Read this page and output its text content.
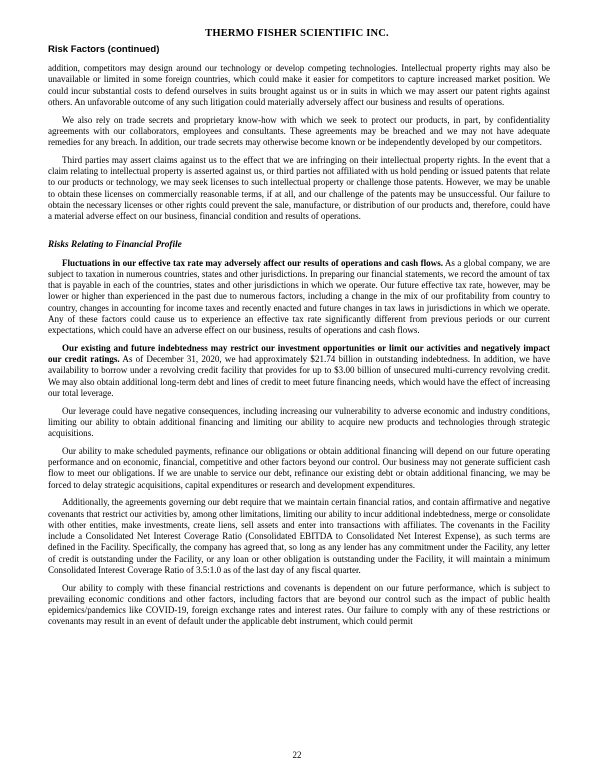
THERMO FISHER SCIENTIFIC INC.
Risk Factors (continued)

addition, competitors may design around our technology or develop competing technologies. Intellectual property rights may also be unavailable or limited in some foreign countries, which could make it easier for competitors to capture increased market position. We could incur substantial costs to defend ourselves in suits brought against us or in suits in which we may assert our patent rights against others. An unfavorable outcome of any such litigation could materially adversely affect our business and results of operations.

We also rely on trade secrets and proprietary know-how with which we seek to protect our products, in part, by confidentiality agreements with our collaborators, employees and consultants. These agreements may be breached and we may not have adequate remedies for any breach. In addition, our trade secrets may otherwise become known or be independently developed by our competitors.

Third parties may assert claims against us to the effect that we are infringing on their intellectual property rights. In the event that a claim relating to intellectual property is asserted against us, or third parties not affiliated with us hold pending or issued patents that relate to our products or technology, we may seek licenses to such intellectual property or challenge those patents. However, we may be unable to obtain these licenses on commercially reasonable terms, if at all, and our challenge of the patents may be unsuccessful. Our failure to obtain the necessary licenses or other rights could prevent the sale, manufacture, or distribution of our products and, therefore, could have a material adverse effect on our business, financial condition and results of operations.

Risks Relating to Financial Profile

Fluctuations in our effective tax rate may adversely affect our results of operations and cash flows. As a global company, we are subject to taxation in numerous countries, states and other jurisdictions. In preparing our financial statements, we record the amount of tax that is payable in each of the countries, states and other jurisdictions in which we operate. Our future effective tax rate, however, may be lower or higher than experienced in the past due to numerous factors, including a change in the mix of our profitability from country to country, changes in accounting for income taxes and recently enacted and future changes in tax laws in jurisdictions in which we operate. Any of these factors could cause us to experience an effective tax rate significantly different from previous periods or our current expectations, which could have an adverse effect on our business, results of operations and cash flows.

Our existing and future indebtedness may restrict our investment opportunities or limit our activities and negatively impact our credit ratings. As of December 31, 2020, we had approximately $21.74 billion in outstanding indebtedness. In addition, we have availability to borrow under a revolving credit facility that provides for up to $3.00 billion of unsecured multi-currency revolving credit. We may also obtain additional long-term debt and lines of credit to meet future financing needs, which would have the effect of increasing our total leverage.

Our leverage could have negative consequences, including increasing our vulnerability to adverse economic and industry conditions, limiting our ability to obtain additional financing and limiting our ability to acquire new products and technologies through strategic acquisitions.

Our ability to make scheduled payments, refinance our obligations or obtain additional financing will depend on our future operating performance and on economic, financial, competitive and other factors beyond our control. Our business may not generate sufficient cash flow to meet our obligations. If we are unable to service our debt, refinance our existing debt or obtain additional financing, we may be forced to delay strategic acquisitions, capital expenditures or research and development expenditures.

Additionally, the agreements governing our debt require that we maintain certain financial ratios, and contain affirmative and negative covenants that restrict our activities by, among other limitations, limiting our ability to incur additional indebtedness, merge or consolidate with other entities, make investments, create liens, sell assets and enter into transactions with affiliates. The covenants in the Facility include a Consolidated Net Interest Coverage Ratio (Consolidated EBITDA to Consolidated Net Interest Expense), as such terms are defined in the Facility. Specifically, the company has agreed that, so long as any lender has any commitment under the Facility, any letter of credit is outstanding under the Facility, or any loan or other obligation is outstanding under the Facility, it will maintain a minimum Consolidated Interest Coverage Ratio of 3.5:1.0 as of the last day of any fiscal quarter.

Our ability to comply with these financial restrictions and covenants is dependent on our future performance, which is subject to prevailing economic conditions and other factors, including factors that are beyond our control such as the impact of public health epidemics/pandemics like COVID-19, foreign exchange rates and interest rates. Our failure to comply with any of these restrictions or covenants may result in an event of default under the applicable debt instrument, which could permit

22
